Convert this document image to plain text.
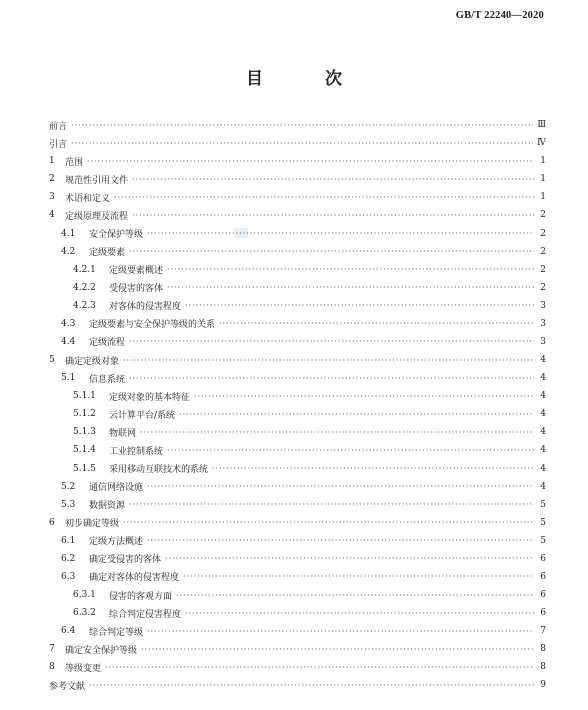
GB/T 22240—2020
目 次
前言 ·····	Ⅲ
引言 ·····	Ⅳ
1	范围 ·····	1
2	规范性引用文件 ·····	1
3	术语和定义 ·····	1
4	定级原理及流程 ·····	2
4.1	安全保护等级 ·····	2
4.2	定级要素 ·····	2
4.2.1	定级要素概述 ·····	2
4.2.2	受侵害的客体 ·····	2
4.2.3	对客体的侵害程度 ·····	3
4.3	定级要素与安全保护等级的关系 ·····	3
4.4	定级流程 ·····	3
5	确定定级对象 ·····	4
5.1	信息系统 ·····	4
5.1.1	定级对象的基本特征 ·····	4
5.1.2	云计算平台/系统 ·····	4
5.1.3	物联网 ·····	4
5.1.4	工业控制系统 ·····	4
5.1.5	采用移动互联技术的系统 ·····	4
5.2	通信网络设施 ·····	4
5.3	数据资源 ·····	5
6	初步确定等级 ·····	5
6.1	定级方法概述 ·····	5
6.2	确定受侵害的客体 ·····	6
6.3	确定对客体的侵害程度 ·····	6
6.3.1	侵害的客观方面 ·····	6
6.3.2	综合判定侵害程度 ·····	6
6.4	综合判定等级 ·····	7
7	确定安全保护等级 ·····	8
8	等级变更 ·····	8
参考文献 ·····	9
